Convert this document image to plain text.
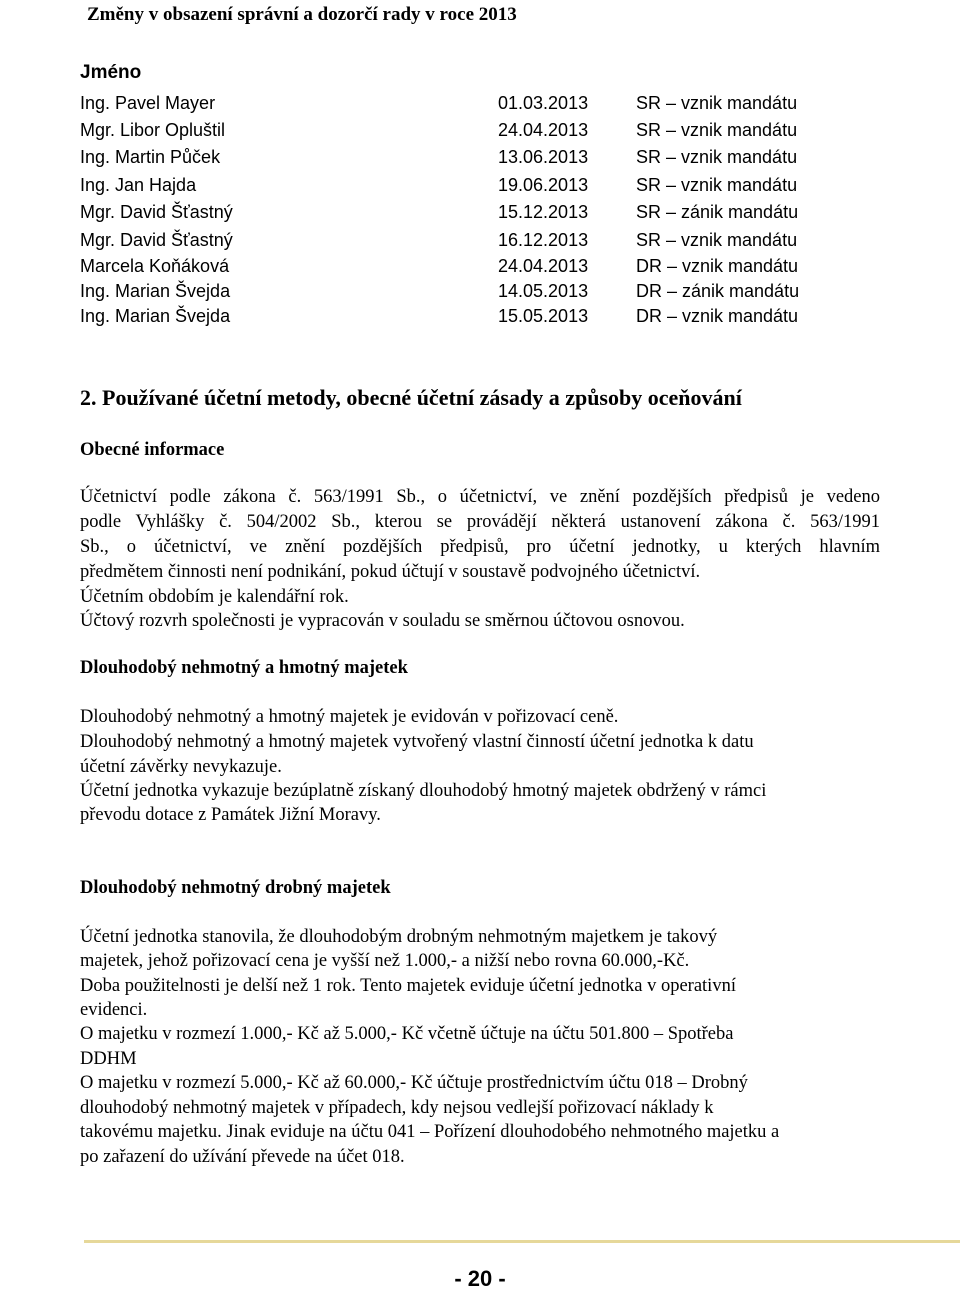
Změny v obsazení správní a dozorčí rady v roce 2013
Jméno
Ing. Pavel Mayer	01.03.2013	SR – vznik mandátu
Mgr. Libor Opluštil	24.04.2013	SR – vznik mandátu
Ing. Martin Půček	13.06.2013	SR – vznik mandátu
Ing. Jan Hajda	19.06.2013	SR – vznik mandátu
Mgr. David Šťastný	15.12.2013	SR – zánik mandátu
Mgr. David Šťastný	16.12.2013	SR – vznik mandátu
Marcela Koňáková	24.04.2013	DR – vznik mandátu
Ing. Marian Švejda	14.05.2013	DR – zánik mandátu
Ing. Marian Švejda	15.05.2013	DR – vznik mandátu
2. Používané účetní metody, obecné účetní zásady a způsoby oceňování
Obecné informace
Účetnictví podle zákona č. 563/1991 Sb., o účetnictví, ve znění pozdějších předpisů je vedeno
podle Vyhlášky č. 504/2002 Sb., kterou se provádějí některá ustanovení zákona č. 563/1991
Sb., o účetnictví, ve znění pozdějších předpisů, pro účetní jednotky, u kterých hlavním
předmětem činnosti není podnikání, pokud účtují v soustavě podvojného účetnictví.
Účetním obdobím je kalendářní rok.
Účtový rozvrh společnosti je vypracován v souladu se směrnou účtovou osnovou.
Dlouhodobý nehmotný a hmotný majetek
Dlouhodobý nehmotný a hmotný majetek je evidován v pořizovací ceně.
Dlouhodobý nehmotný a hmotný majetek vytvořený vlastní činností účetní jednotka k datu
účetní závěrky nevykazuje.
Účetní jednotka vykazuje bezúplatně získaný dlouhodobý hmotný majetek obdržený v rámci
převodu dotace z Památek Jižní Moravy.
Dlouhodobý nehmotný drobný majetek
Účetní jednotka stanovila, že dlouhodobým drobným nehmotným majetkem je takový
majetek, jehož pořizovací cena je vyšší než 1.000,- a nižší nebo rovna 60.000,-Kč.
Doba použitelnosti je delší než 1 rok. Tento majetek eviduje účetní jednotka v operativní
evidenci.
O majetku v rozmezí 1.000,- Kč až 5.000,- Kč včetně účtuje na účtu 501.800 – Spotřeba
DDHM
O majetku v rozmezí 5.000,- Kč až 60.000,- Kč účtuje prostřednictvím účtu 018 – Drobný
dlouhodobý nehmotný majetek v případech, kdy nejsou vedlejší pořizovací náklady k
takovému majetku. Jinak eviduje na účtu 041 – Pořízení dlouhodobého nehmotného majetku a
po zařazení do užívání převede na účet 018.
- 20 -
